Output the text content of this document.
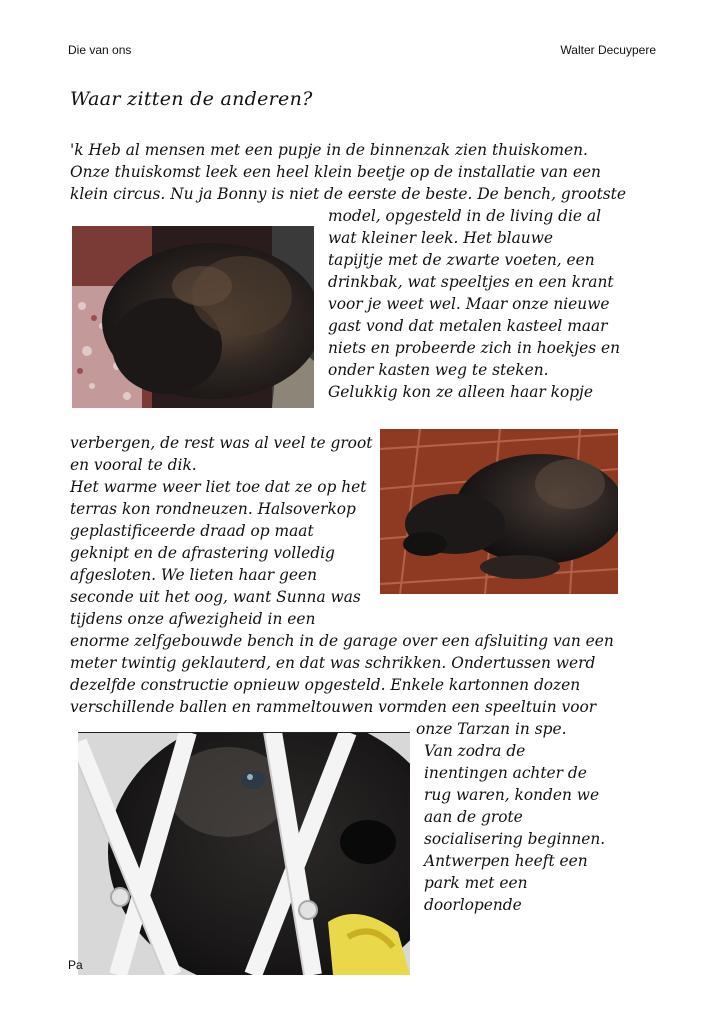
Die van ons	Walter Decuypere
Waar zitten de anderen?
'k Heb al mensen met een pupje in de binnenzak zien thuiskomen.
Onze thuiskomst leek een heel klein beetje op de installatie van een
klein circus. Nu ja Bonny is niet de eerste de beste. De bench, grootste
model, opgesteld in de living die al
wat kleiner leek. Het blauwe
tapijtje met de zwarte voeten, een
drinkbak, wat speeltjes en een krant
voor je weet wel. Maar onze nieuwe
gast vond dat metalen kasteel maar
niets en probeerde zich in hoekjes en
onder kasten weg te steken.
Gelukkig kon ze alleen haar kopje
verbergen, de rest was al veel te groot
en vooral te dik.
Het warme weer liet toe dat ze op het
terras kon rondneuzen. Halsoverkop
geplastificeerde draad op maat
geknipt en de afrastering volledig
afgesloten. We lieten haar geen
seconde uit het oog, want Sunna was
tijdens onze afwezigheid in een
enorme zelfgebouwde bench in de garage over een afsluiting van een
meter twintig geklauterd, en dat was schrikken. Ondertussen werd
dezelfde constructie opnieuw opgesteld. Enkele kartonnen dozen
verschillende ballen en rammeltouwen vormden een speeltuin voor
onze Tarzan in spe.
Van zodra de
inentingen achter de
rug waren, konden we
aan de grote
socialisering beginnen.
Antwerpen heeft een
park met een
doorlopende
Pa
